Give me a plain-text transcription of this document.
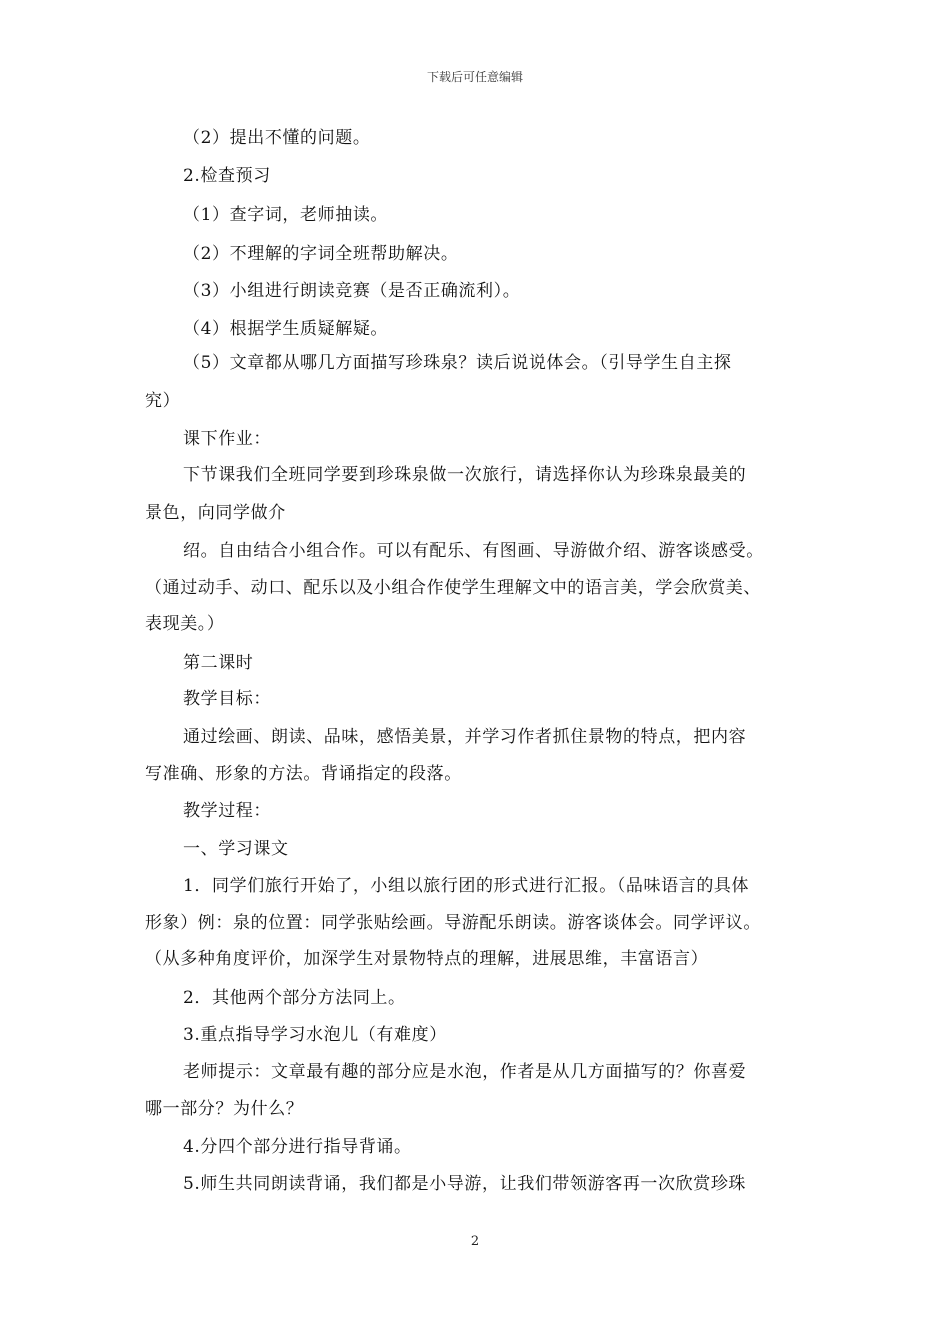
下载后可任意编辑
（2）提出不懂的问题。
2.检查预习
（1）查字词，老师抽读。
（2）不理解的字词全班帮助解决。
（3）小组进行朗读竞赛（是否正确流利）。
（4）根据学生质疑解疑。
（5）文章都从哪几方面描写珍珠泉？读后说说体会。（引导学生自主探
究）
课下作业：
下节课我们全班同学要到珍珠泉做一次旅行，请选择你认为珍珠泉最美的
景色，向同学做介
绍。自由结合小组合作。可以有配乐、有图画、导游做介绍、游客谈感受。
（通过动手、动口、配乐以及小组合作使学生理解文中的语言美，学会欣赏美、
表现美。）
第二课时
教学目标：
通过绘画、朗读、品味，感悟美景，并学习作者抓住景物的特点，把内容
写准确、形象的方法。背诵指定的段落。
教学过程：
一、学习课文
1．同学们旅行开始了，小组以旅行团的形式进行汇报。（品味语言的具体
形象）例：泉的位置：同学张贴绘画。导游配乐朗读。游客谈体会。同学评议。
（从多种角度评价，加深学生对景物特点的理解，进展思维，丰富语言）
2．其他两个部分方法同上。
3.重点指导学习水泡儿（有难度）
老师提示：文章最有趣的部分应是水泡，作者是从几方面描写的？你喜爱
哪一部分？为什么？
4.分四个部分进行指导背诵。
5.师生共同朗读背诵，我们都是小导游，让我们带领游客再一次欣赏珍珠
2
